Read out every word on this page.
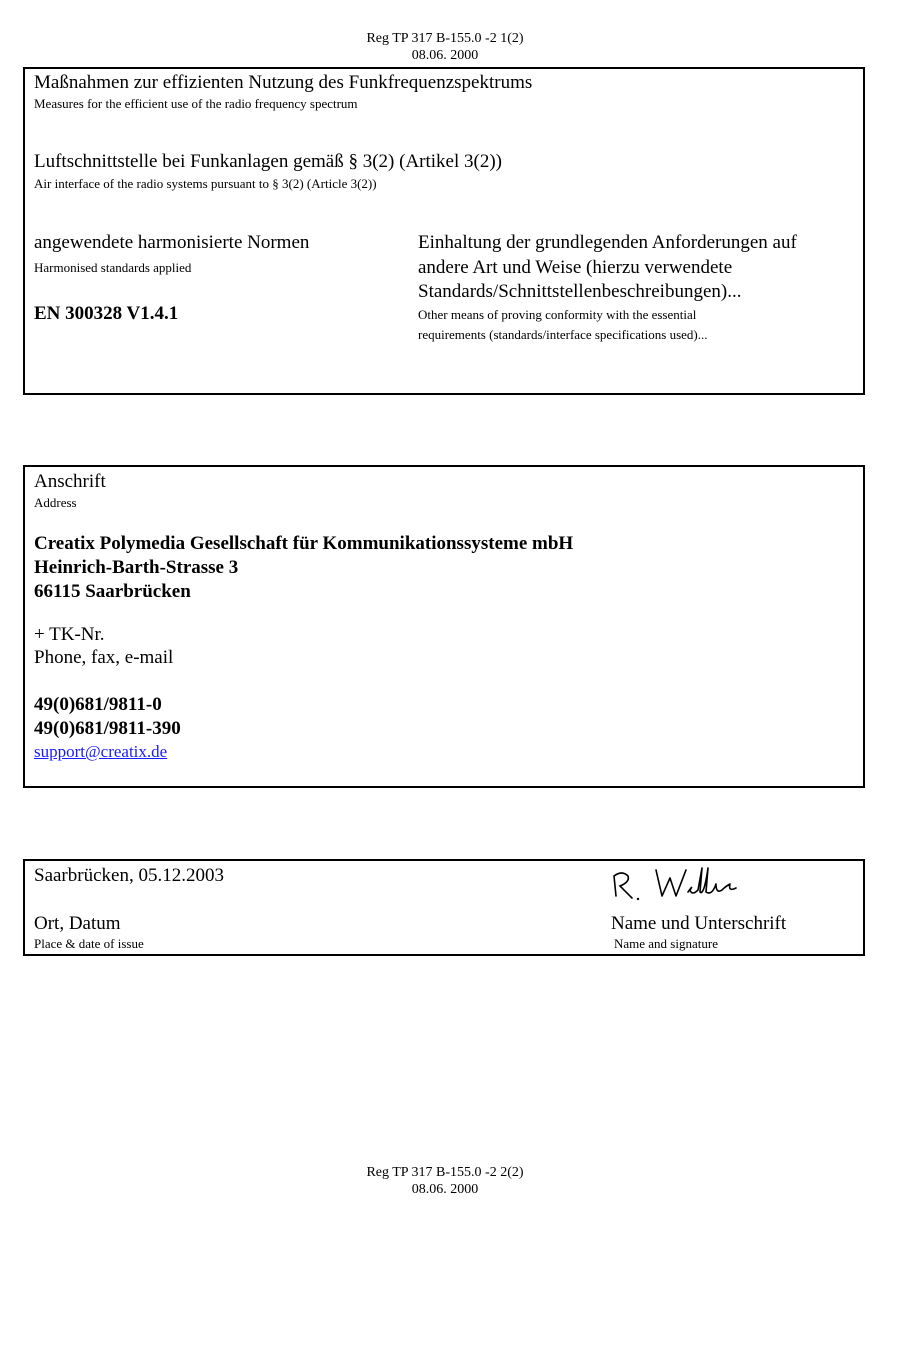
Reg TP 317 B-155.0 -2 1(2)
08.06. 2000
Maßnahmen zur effizienten Nutzung des Funkfrequenzspektrums
Measures for the efficient use of the radio frequency spectrum
Luftschnittstelle bei Funkanlagen gemäß § 3(2) (Artikel 3(2))
Air interface of the radio systems pursuant to § 3(2) (Article 3(2))
angewendete harmonisierte Normen
Harmonised standards applied
EN 300328 V1.4.1
Einhaltung der grundlegenden Anforderungen auf
andere Art und Weise (hierzu verwendete
Standards/Schnittstellenbeschreibungen)...
Other means of proving conformity with the essential
requirements (standards/interface specifications used)...
Anschrift
Address
Creatix Polymedia Gesellschaft für Kommunikationssysteme mbH
Heinrich-Barth-Strasse 3
66115 Saarbrücken
+ TK-Nr.
Phone, fax, e-mail
49(0)681/9811-0
49(0)681/9811-390
support@creatix.de
Saarbrücken, 05.12.2003
Ort, Datum
Place & date of issue
Name und Unterschrift
Name and signature
Reg TP 317 B-155.0 -2 2(2)
08.06. 2000
